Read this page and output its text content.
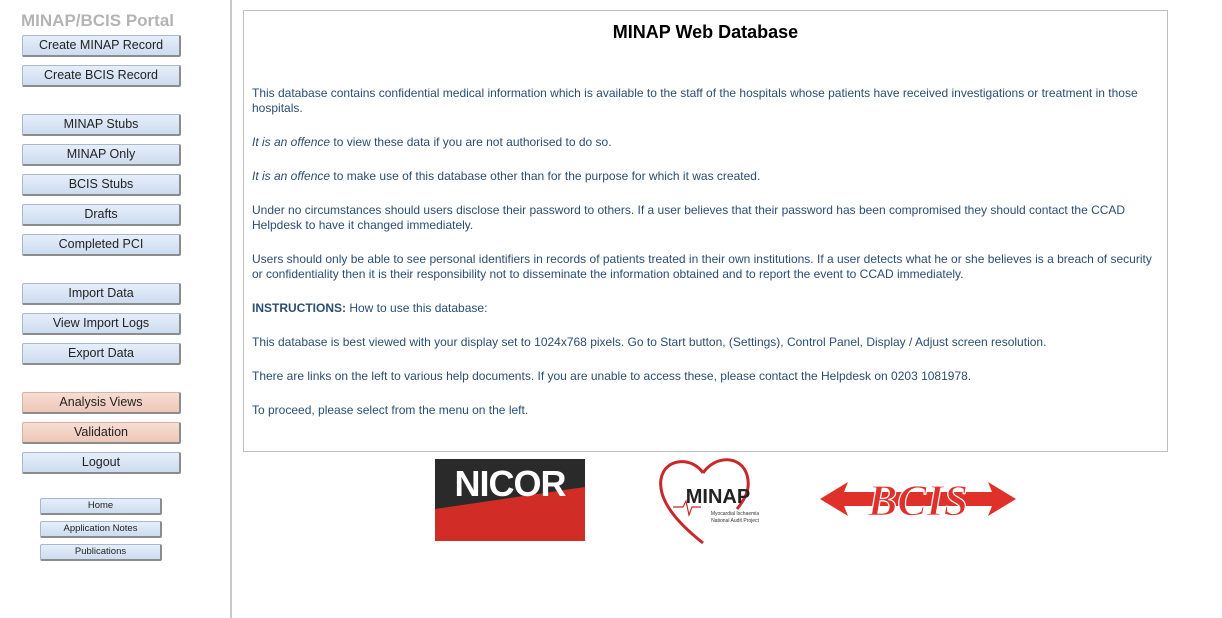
MINAP/BCIS Portal
Create MINAP Record
Create BCIS Record
MINAP Stubs
MINAP Only
BCIS Stubs
Drafts
Completed PCI
Import Data
View Import Logs
Export Data
Analysis Views
Validation
Logout
Home
Application Notes
Publications
MINAP Web Database
This database contains confidential medical information which is available to the staff of the hospitals whose patients have received investigations or treatment in those hospitals.
It is an offence to view these data if you are not authorised to do so.
It is an offence to make use of this database other than for the purpose for which it was created.
Under no circumstances should users disclose their password to others. If a user believes that their password has been compromised they should contact the CCAD Helpdesk to have it changed immediately.
Users should only be able to see personal identifiers in records of patients treated in their own institutions. If a user detects what he or she believes is a breach of security or confidentiality then it is their responsibility not to disseminate the information obtained and to report the event to CCAD immediately.
INSTRUCTIONS: How to use this database:
This database is best viewed with your display set to 1024x768 pixels. Go to Start button, (Settings), Control Panel, Display / Adjust screen resolution.
There are links on the left to various help documents. If you are unable to access these, please contact the Helpdesk on 0203 1081978.
To proceed, please select from the menu on the left.
NICOR	MINAP
Myocardial Ischaemia
National Audit Project BCIS
